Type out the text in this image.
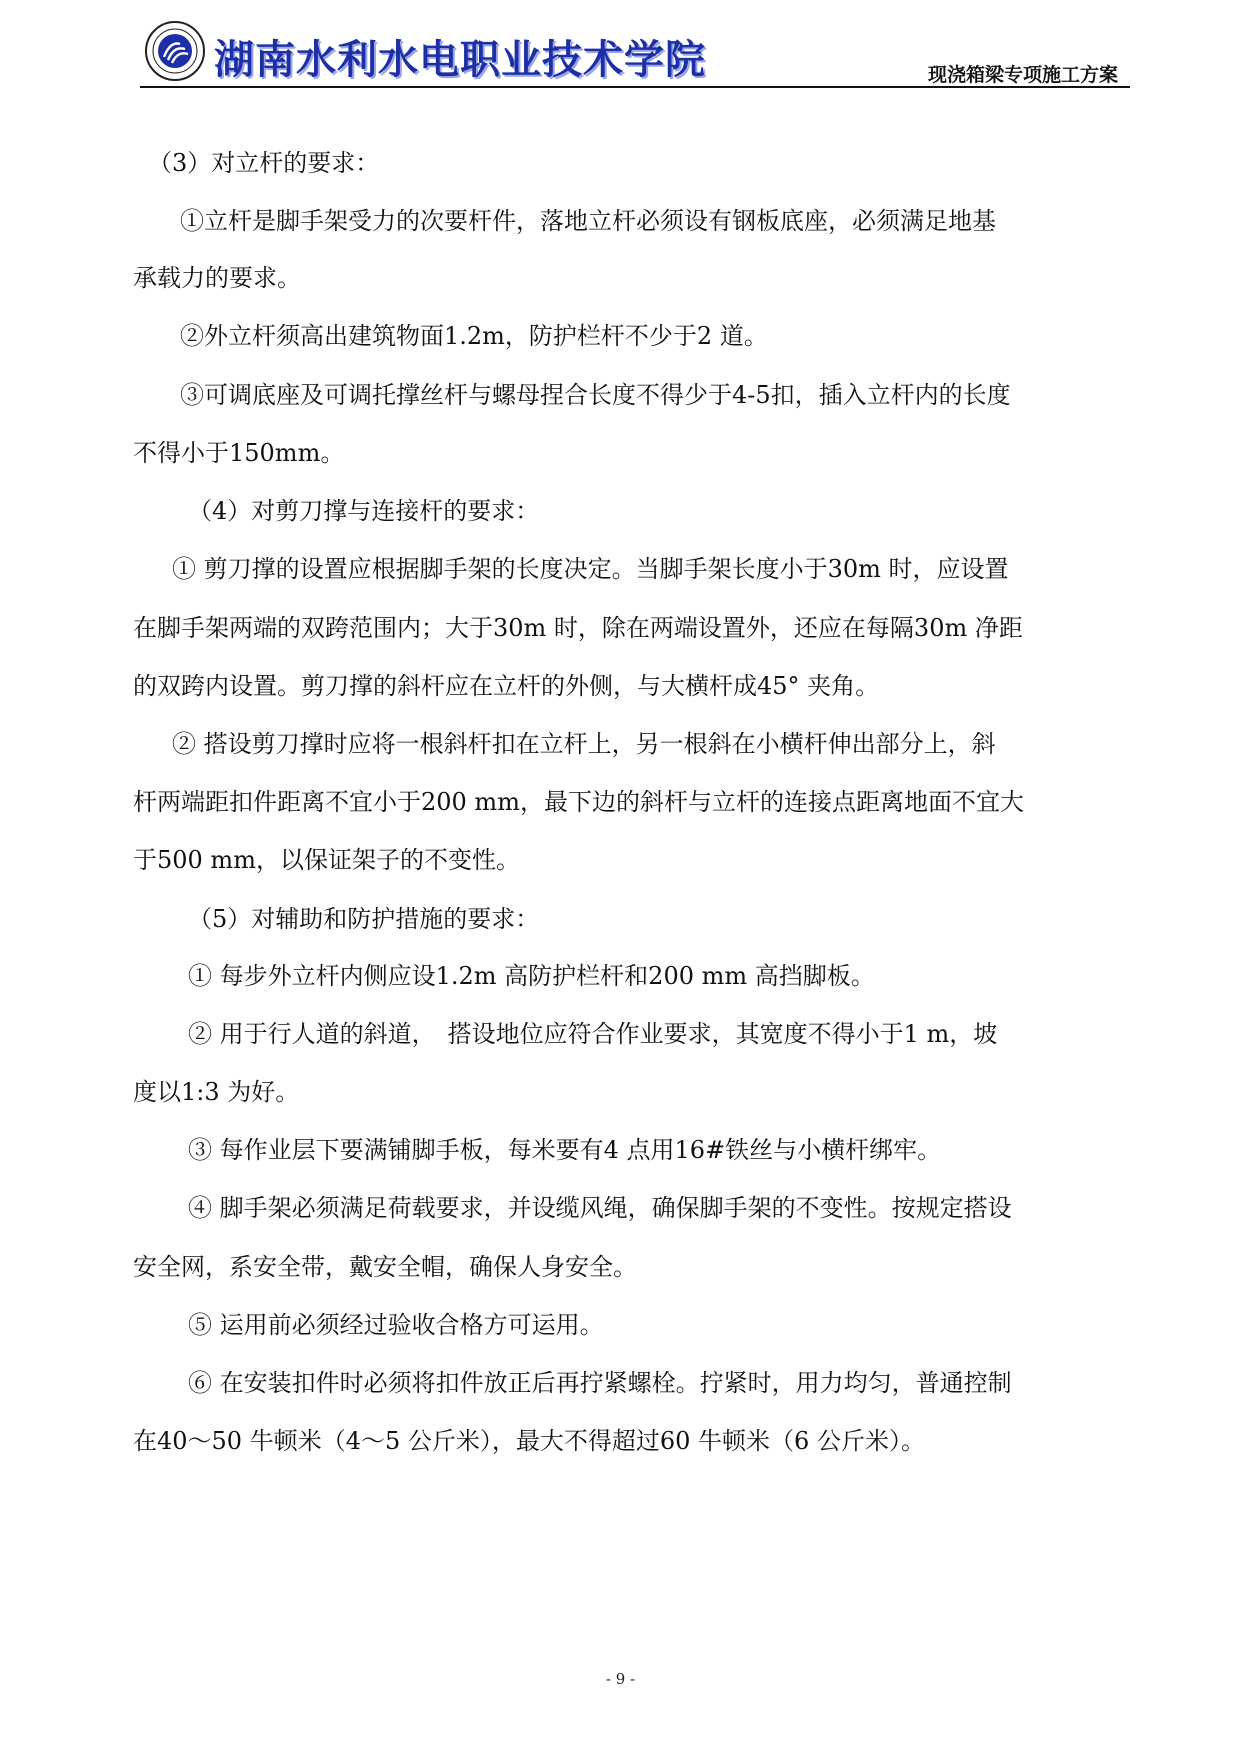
湖南水利水电职业技术学院	现浇箱梁专项施工方案
（3）对立杆的要求：
①立杆是脚手架受力的次要杆件，落地立杆必须设有钢板底座，必须满足地基
承载力的要求。
②外立杆须高出建筑物面1.2m，防护栏杆不少于2 道。
③可调底座及可调托撑丝杆与螺母捏合长度不得少于4-5扣，插入立杆内的长度
不得小于150mm。
（4）对剪刀撑与连接杆的要求：
① 剪刀撑的设置应根据脚手架的长度决定。当脚手架长度小于30m 时，应设置
在脚手架两端的双跨范围内；大于30m 时，除在两端设置外，还应在每隔30m 净距
的双跨内设置。剪刀撑的斜杆应在立杆的外侧，与大横杆成45° 夹角。
② 搭设剪刀撑时应将一根斜杆扣在立杆上，另一根斜在小横杆伸出部分上，斜
杆两端距扣件距离不宜小于200 mm，最下边的斜杆与立杆的连接点距离地面不宜大
于500 mm，以保证架子的不变性。
（5）对辅助和防护措施的要求：
① 每步外立杆内侧应设1.2m 高防护栏杆和200 mm 高挡脚板。
② 用于行人道的斜道，　搭设地位应符合作业要求，其宽度不得小于1 m，坡
度以1:3 为好。
③ 每作业层下要满铺脚手板，每米要有4 点用16#铁丝与小横杆绑牢。
④ 脚手架必须满足荷载要求，并设缆风绳，确保脚手架的不变性。按规定搭设
安全网，系安全带，戴安全帽，确保人身安全。
⑤ 运用前必须经过验收合格方可运用。
⑥ 在安装扣件时必须将扣件放正后再拧紧螺栓。拧紧时，用力均匀，普通控制
在40～50 牛顿米（4～5 公斤米），最大不得超过60 牛顿米（6 公斤米）。
- 9 -
